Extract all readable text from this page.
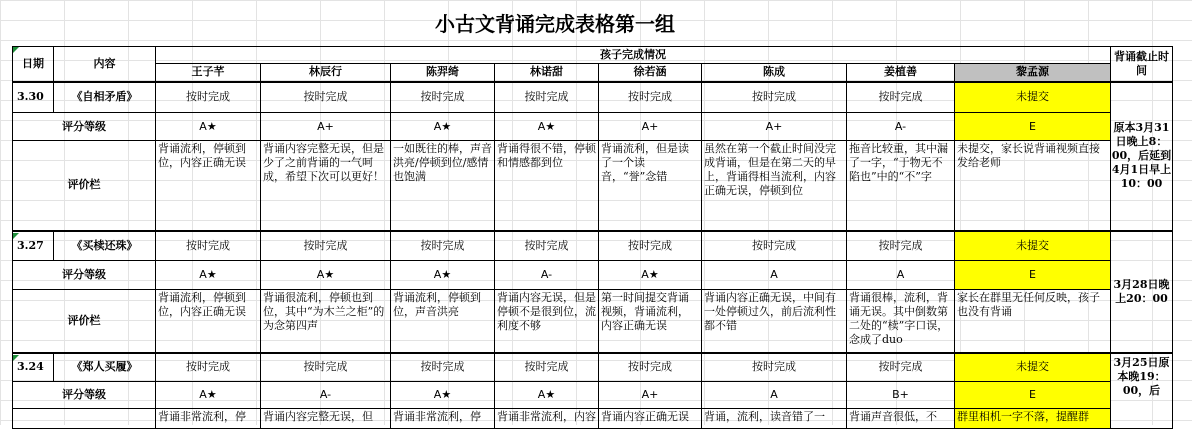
小古文背诵完成表格第一组
日期	内容	孩子完成情况								背诵截止时间
		王子芊	林辰行	陈羿绮	林诺甜	徐若涵	陈成	姜植善	黎孟源	
3.30	《自相矛盾》	按时完成	按时完成	按时完成	按时完成	按时完成	按时完成	按时完成	未提交	原本3月31日晚上8：00，后延到4月1日早上10：00
评分等级		A★	A+	A★	A★	A+	A+	A-	E	
评价栏		背诵流利，停顿到位，内容正确无误	背诵内容完整无误，但是少了之前背诵的一气呵成，希望下次可以更好！	一如既往的棒，声音洪亮/停顿到位/感情也饱满	背诵得很不错，停顿和情感都到位	背诵流利，但是读了一个读音，“誉”念错	虽然在第一个截止时间没完成背诵，但是在第二天的早上，背诵得相当流利，内容正确无误，停顿到位	拖音比较重，其中漏了一字，“于物无不陷也”中的“不”字	未提交，家长说背诵视频直接发给老师	
3.27	《买椟还珠》	按时完成	按时完成	按时完成	按时完成	按时完成	按时完成	按时完成	未提交	3月28日晚上20：00
评分等级		A★	A★	A★	A-	A★	A	A	E	
评价栏		背诵流利，停顿到位，内容正确无误	背诵很流利，停顿也到位，其中“为木兰之柜”的为念第四声	背诵流利，停顿到位，声音洪亮	背诵内容无误，但是停顿不是很到位，流利度不够	第一时间提交背诵视频，背诵流利，内容正确无误	背诵内容正确无误，中间有一处停顿过久，前后流利性都不错	背诵很棒，流利，背诵无误。其中倒数第二处的“椟”字口误，念成了duo	家长在群里无任何反映，孩子也没有背诵	
3.24	《郑人买履》	按时完成	按时完成	按时完成	按时完成	按时完成	按时完成	按时完成	未提交	3月25日原本晚19：00，后
评分等级		A★	A-	A★	A★	A+	A	B+	E	
		背诵非常流利，停	背诵内容完整无误，但	背诵非常流利，停	背诵非常流利，内容	背诵内容正确无误	背诵，流利，读音错了一	背诵声音很低，不	群里相机一字不落，提醒群	
